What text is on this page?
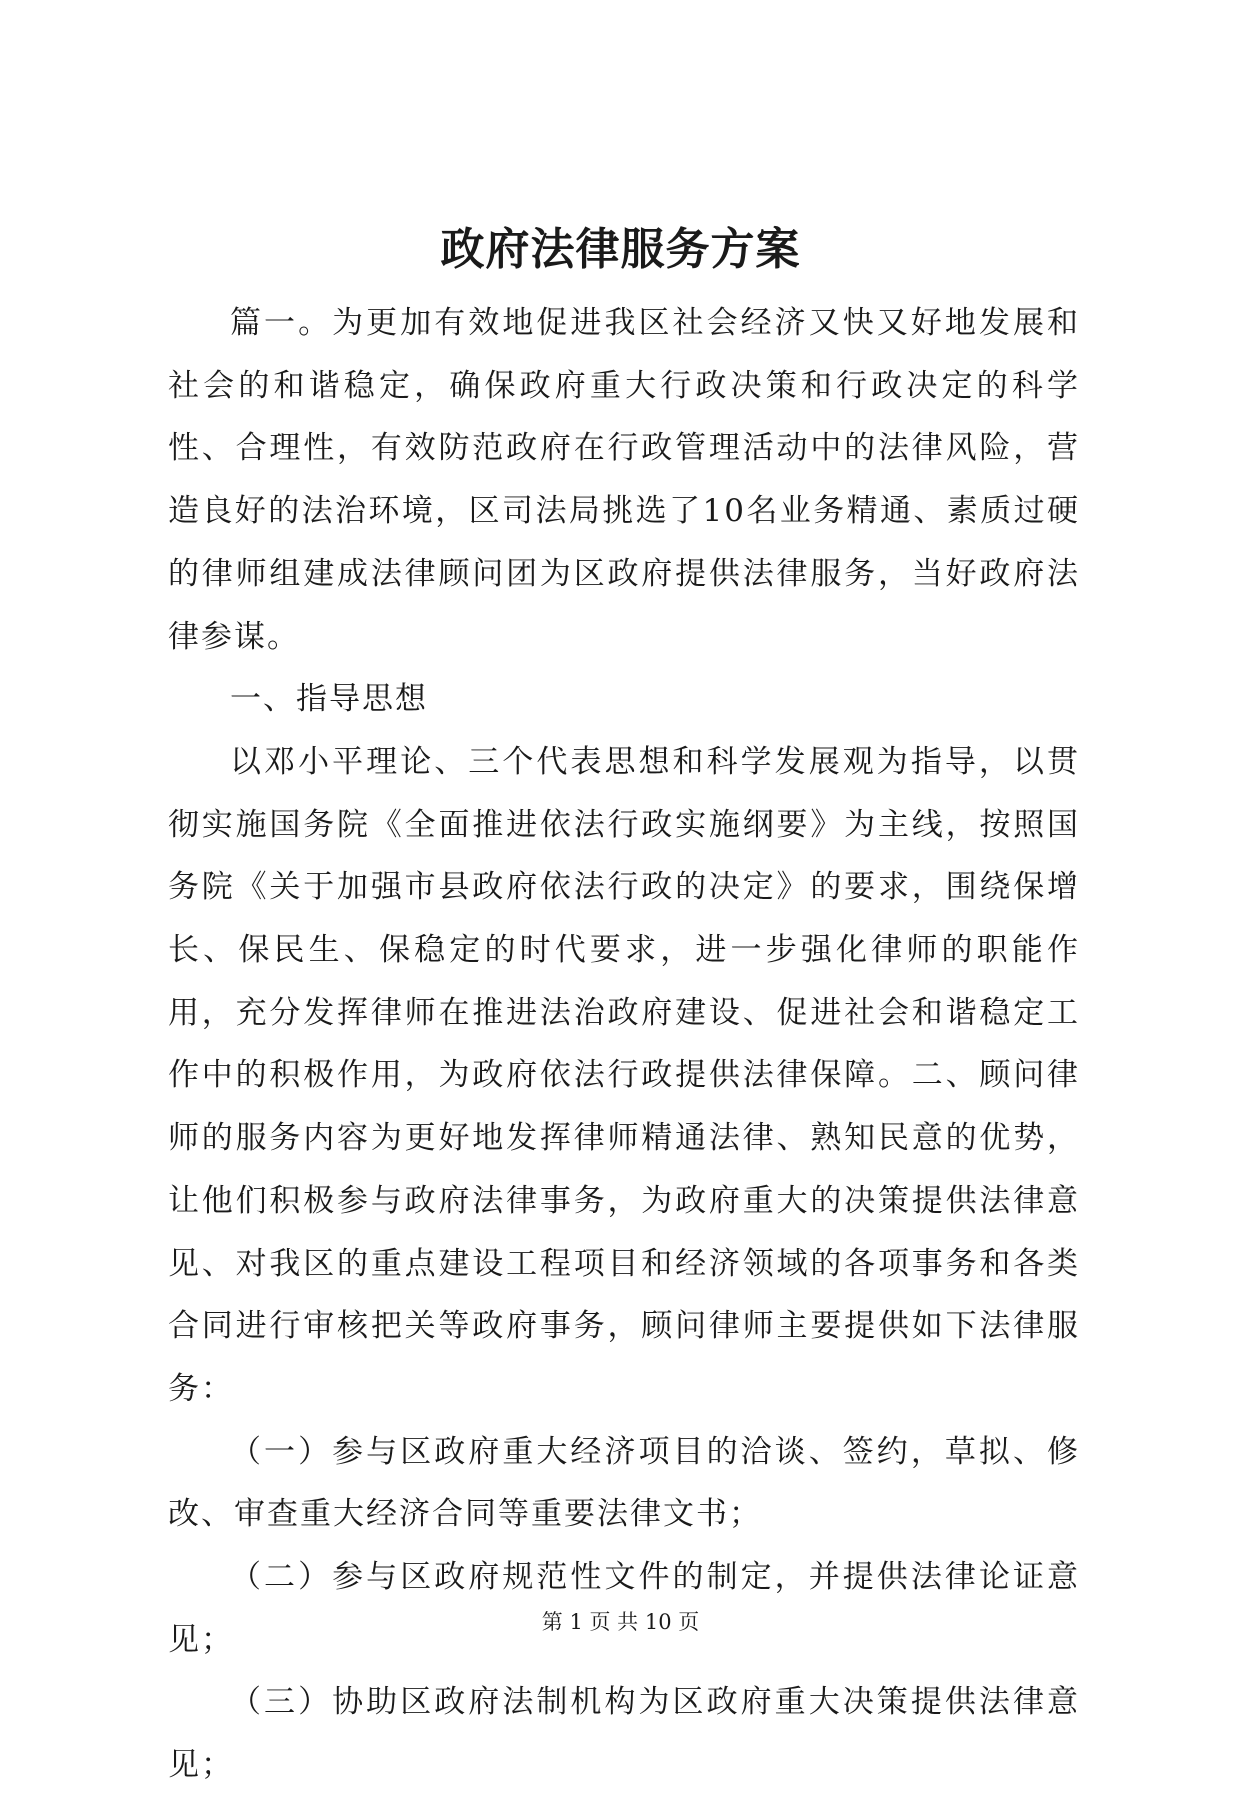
政府法律服务方案

篇一。为更加有效地促进我区社会经济又快又好地发展和社会的和谐稳定，确保政府重大行政决策和行政决定的科学性、合理性，有效防范政府在行政管理活动中的法律风险，营造良好的法治环境，区司法局挑选了10名业务精通、素质过硬的律师组建成法律顾问团为区政府提供法律服务，当好政府法律参谋。

一、指导思想

以邓小平理论、三个代表思想和科学发展观为指导，以贯彻实施国务院《全面推进依法行政实施纲要》为主线，按照国务院《关于加强市县政府依法行政的决定》的要求，围绕保增长、保民生、保稳定的时代要求，进一步强化律师的职能作用，充分发挥律师在推进法治政府建设、促进社会和谐稳定工作中的积极作用，为政府依法行政提供法律保障。二、顾问律师的服务内容为更好地发挥律师精通法律、熟知民意的优势，让他们积极参与政府法律事务，为政府重大的决策提供法律意见、对我区的重点建设工程项目和经济领域的各项事务和各类合同进行审核把关等政府事务，顾问律师主要提供如下法律服务：

（一）参与区政府重大经济项目的洽谈、签约，草拟、修改、审查重大经济合同等重要法律文书；

（二）参与区政府规范性文件的制定，并提供法律论证意见；

（三）协助区政府法制机构为区政府重大决策提供法律意见；

第 1 页 共 10 页
